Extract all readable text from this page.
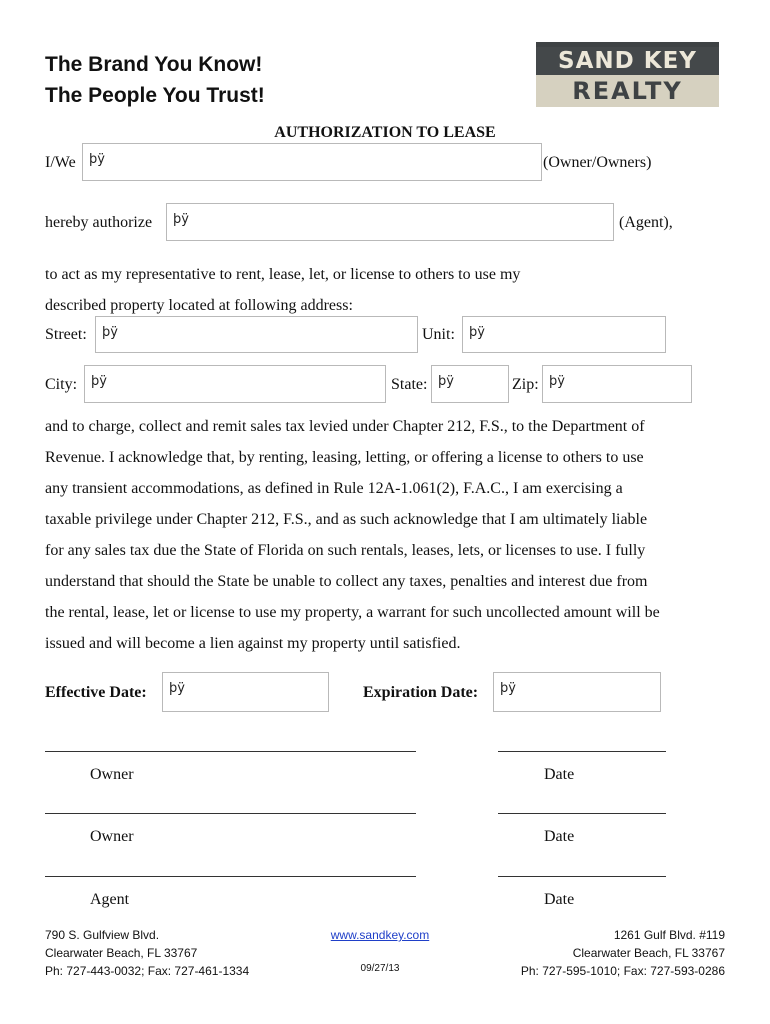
The Brand You Know!
The People You Trust!
SAND KEY
REALTY
AUTHORIZATION TO LEASE
I/We	þÿ	(Owner/Owners)
hereby authorize	þÿ	(Agent),
to act as my representative to rent, lease, let, or license to others to use my
described property located at following address:
Street:	þÿ	Unit:	þÿ
City:	þÿ	State: þÿ	Zip: þÿ

and to charge, collect and remit sales tax levied under Chapter 212, F.S., to the Department of

Revenue. I acknowledge that, by renting, leasing, letting, or offering a license to others to use

any transient accommodations, as defined in Rule 12A-1.061(2), F.A.C., I am exercising a

taxable privilege under Chapter 212, F.S., and as such acknowledge that I am ultimately liable

for any sales tax due the State of Florida on such rentals, leases, lets, or licenses to use. I fully

understand that should the State be unable to collect any taxes, penalties and interest due from

the rental, lease, let or license to use my property, a warrant for such uncollected amount will be

issued and will become a lien against my property until satisfied.

Effective Date:	þÿ	Expiration Date:	þÿ
Owner	Date
Owner	Date
Agent	Date
790 S. Gulfview Blvd.
Clearwater Beach, FL 33767
Ph: 727-443-0032; Fax: 727-461-1334
www.sandkey.com
09/27/13
1261 Gulf Blvd. #119
Clearwater Beach, FL 33767
Ph: 727-595-1010; Fax: 727-593-0286
